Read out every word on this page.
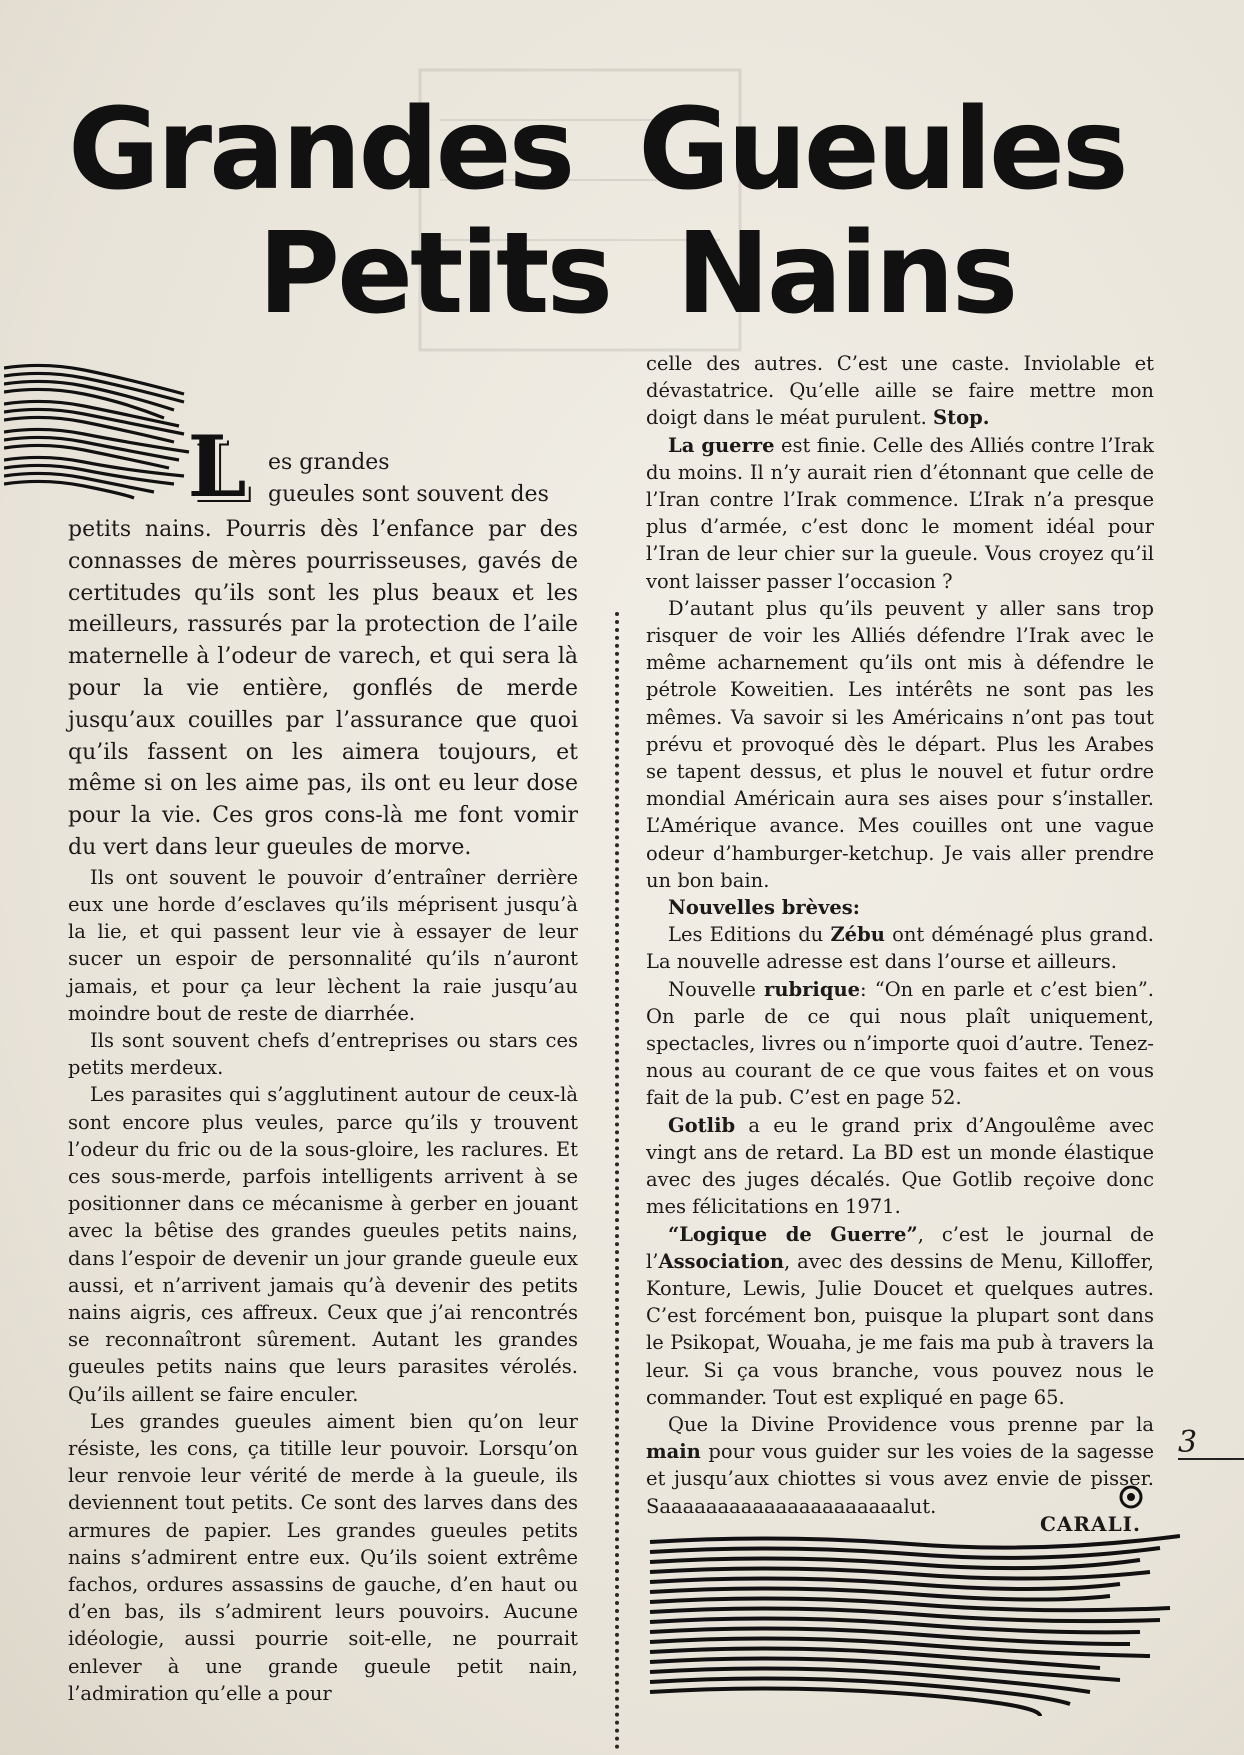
Grandes Gueules
Petits Nains
L es grandes
gueules sont souvent des

petits nains. Pourris dès l’enfance par des connasses de mères pourrisseuses, gavés de certitudes qu’ils sont les plus beaux et les meilleurs, rassurés par la protection de l’aile maternelle à l’odeur de varech, et qui sera là pour la vie entière, gonflés de merde jusqu’aux couilles par l’assurance que quoi qu’ils fassent on les aimera toujours, et même si on les aime pas, ils ont eu leur dose pour la vie. Ces gros cons-là me font vomir du vert dans leur gueules de morve.

Ils ont souvent le pouvoir d’entraîner derrière eux une horde d’esclaves qu’ils méprisent jusqu’à la lie, et qui passent leur vie à essayer de leur sucer un espoir de personnalité qu’ils n’auront jamais, et pour ça leur lèchent la raie jusqu’au moindre bout de reste de diarrhée.

Ils sont souvent chefs d’entreprises ou stars ces petits merdeux.

Les parasites qui s’agglutinent autour de ceux-là sont encore plus veules, parce qu’ils y trouvent l’odeur du fric ou de la sous-gloire, les raclures. Et ces sous-merde, parfois intelligents arrivent à se positionner dans ce mécanisme à gerber en jouant avec la bêtise des grandes gueules petits nains, dans l’espoir de devenir un jour grande gueule eux aussi, et n’arrivent jamais qu’à devenir des petits nains aigris, ces affreux. Ceux que j’ai rencontrés se reconnaîtront sûrement. Autant les grandes gueules petits nains que leurs parasites vérolés. Qu’ils aillent se faire enculer.

Les grandes gueules aiment bien qu’on leur résiste, les cons, ça titille leur pouvoir. Lorsqu’on leur renvoie leur vérité de merde à la gueule, ils deviennent tout petits. Ce sont des larves dans des armures de papier. Les grandes gueules petits nains s’admirent entre eux. Qu’ils soient extrême fachos, ordures assassins de gauche, d’en haut ou d’en bas, ils s’admirent leurs pouvoirs. Aucune idéologie, aussi pourrie soit-elle, ne pourrait enlever à une grande gueule petit nain, l’admiration qu’elle a pour

celle des autres. C’est une caste. Inviolable et dévastatrice. Qu’elle aille se faire mettre mon doigt dans le méat purulent. Stop.

La guerre est finie. Celle des Alliés contre l’Irak du moins. Il n’y aurait rien d’étonnant que celle de l’Iran contre l’Irak commence. L’Irak n’a presque plus d’armée, c’est donc le moment idéal pour l’Iran de leur chier sur la gueule. Vous croyez qu’il vont laisser passer l’occasion ?

D’autant plus qu’ils peuvent y aller sans trop risquer de voir les Alliés défendre l’Irak avec le même acharnement qu’ils ont mis à défendre le pétrole Koweitien. Les intérêts ne sont pas les mêmes. Va savoir si les Américains n’ont pas tout prévu et provoqué dès le départ. Plus les Arabes se tapent dessus, et plus le nouvel et futur ordre mondial Américain aura ses aises pour s’installer. L’Amérique avance. Mes couilles ont une vague odeur d’hamburger-ketchup. Je vais aller prendre un bon bain.

Nouvelles brèves:

Les Editions du Zébu ont déménagé plus grand. La nouvelle adresse est dans l’ourse et ailleurs.

Nouvelle rubrique: “On en parle et c’est bien”. On parle de ce qui nous plaît uniquement, spectacles, livres ou n’importe quoi d’autre. Tenez-nous au courant de ce que vous faites et on vous fait de la pub. C’est en page 52.

Gotlib a eu le grand prix d’Angoulême avec vingt ans de retard. La BD est un monde élastique avec des juges décalés. Que Gotlib reçoive donc mes félicitations en 1971.

“Logique de Guerre”, c’est le journal de l’Association, avec des dessins de Menu, Killoffer, Konture, Lewis, Julie Doucet et quelques autres. C’est forcément bon, puisque la plupart sont dans le Psikopat, Wouaha, je me fais ma pub à travers la leur. Si ça vous branche, vous pouvez nous le commander. Tout est expliqué en page 65.

Que la Divine Providence vous prenne par la main pour vous guider sur les voies de la sagesse et jusqu’aux chiottes si vous avez envie de pisser. Saaaaaaaaaaaaaaaaaaaaalut.

CARALI.
3
